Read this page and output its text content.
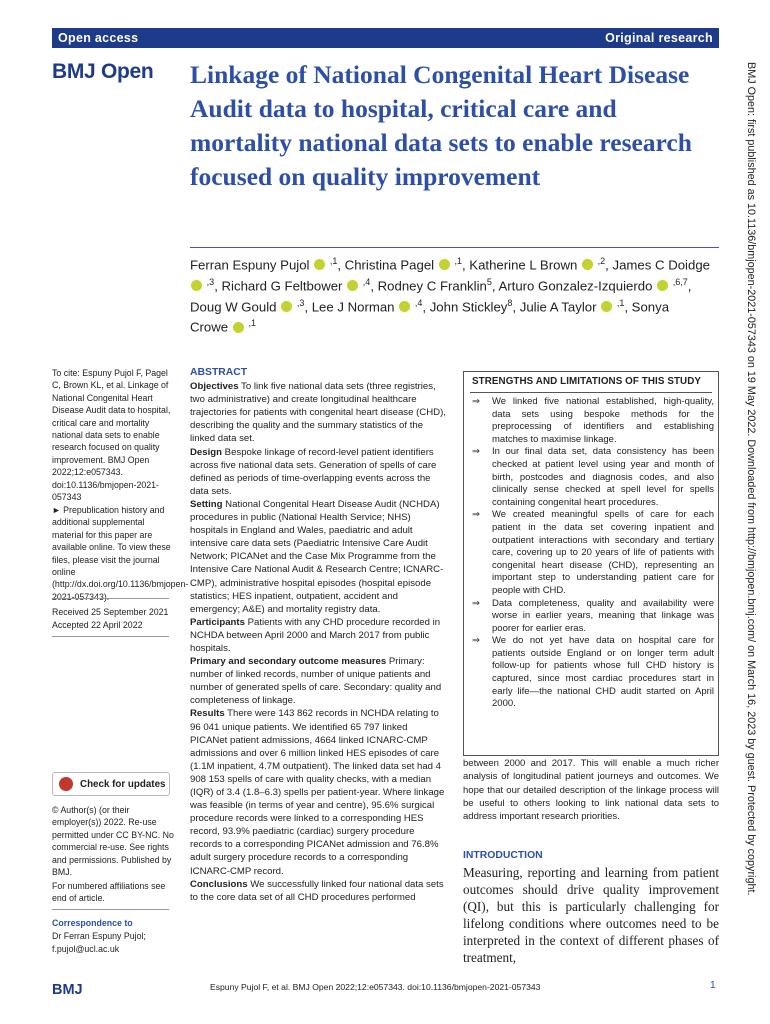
Open access	Original research
BMJ Open Linkage of National Congenital Heart Disease Audit data to hospital, critical care and mortality national data sets to enable research focused on quality improvement
Ferran Espuny Pujol $^{,1}$, Christina Pagel $^{,1}$, Katherine L Brown $^{,2}$, James C Doidge  $^{,3}$, Richard G Feltbower $^{,4}$, Rodney C Franklin$^5$, Arturo Gonzalez-Izquierdo $^{,6,7}$, Doug W Gould $^{,3}$, Lee J Norman $^{,4}$, John Stickley$^8$, Julie A Taylor $^{,1}$, Sonya Crowe $^{,1}$
To cite: Espuny Pujol F, Pagel C, Brown KL, et al. Linkage of National Congenital Heart Disease Audit data to hospital, critical care and mortality national data sets to enable research focused on quality improvement. BMJ Open 2022;12:e057343. doi:10.1136/bmjopen-2021-057343
► Prepublication history and additional supplemental material for this paper are available online. To view these files, please visit the journal online (http://dx.doi.org/10.1136/bmjopen-2021-057343).
Received 25 September 2021
Accepted 22 April 2022
Check for updates
© Author(s) (or their employer(s)) 2022. Re-use permitted under CC BY-NC. No commercial re-use. See rights and permissions. Published by BMJ.
For numbered affiliations see end of article.
Correspondence to
Dr Ferran Espuny Pujol;
f.pujol@ucl.ac.uk
ABSTRACT
Objectives To link five national data sets (three registries, two administrative) and create longitudinal healthcare trajectories for patients with congenital heart disease (CHD), describing the quality and the summary statistics of the linked data set.
Design Bespoke linkage of record-level patient identifiers across five national data sets. Generation of spells of care defined as periods of time-overlapping events across the data sets.
Setting National Congenital Heart Disease Audit (NCHDA) procedures in public (National Health Service; NHS) hospitals in England and Wales, paediatric and adult intensive care data sets (Paediatric Intensive Care Audit Network; PICANet and the Case Mix Programme from the Intensive Care National Audit & Research Centre; ICNARC-CMP), administrative hospital episodes (hospital episode statistics; HES inpatient, outpatient, accident and emergency; A&E) and mortality registry data.
Participants Patients with any CHD procedure recorded in NCHDA between April 2000 and March 2017 from public hospitals.
Primary and secondary outcome measures Primary: number of linked records, number of unique patients and number of generated spells of care. Secondary: quality and completeness of linkage.
Results There were 143 862 records in NCHDA relating to 96 041 unique patients. We identified 65 797 linked PICANet patient admissions, 4664 linked ICNARC-CMP admissions and over 6 million linked HES episodes of care (1.1M inpatient, 4.7M outpatient). The linked data set had 4 908 153 spells of care with quality checks, with a median (IQR) of 3.4 (1.8–6.3) spells per patient-year. Where linkage was feasible (in terms of year and centre), 95.6% surgical procedure records were linked to a corresponding HES record, 93.9% paediatric (cardiac) surgery procedure records to a corresponding PICANet admission and 76.8% adult surgery procedure records to a corresponding ICNARC-CMP record.
Conclusions We successfully linked four national data sets to the core data set of all CHD procedures performed
STRENGTHS AND LIMITATIONS OF THIS STUDY
⇒ We linked five national established, high-quality, data sets using bespoke methods for the preprocessing of identifiers and establishing matches to maximise linkage.
⇒ In our final data set, data consistency has been checked at patient level using year and month of birth, postcodes and diagnosis codes, and also clinically sense checked at spell level for spells containing congenital heart procedures.
⇒ We created meaningful spells of care for each patient in the data set covering inpatient and outpatient interactions with secondary and tertiary care, covering up to 20 years of life of patients with congenital heart disease (CHD), representing an important step to understanding patient care for people with CHD.
⇒ Data completeness, quality and availability were worse in earlier years, meaning that linkage was poorer for earlier eras.
⇒ We do not yet have data on hospital care for patients outside England or on longer term adult follow-up for patients whose full CHD history is captured, since most cardiac procedures start in early life—the national CHD audit started on April 2000.
between 2000 and 2017. This will enable a much richer analysis of longitudinal patient journeys and outcomes. We hope that our detailed description of the linkage process will be useful to others looking to link national data sets to address important research priorities.
INTRODUCTION
Measuring, reporting and learning from patient outcomes should drive quality improvement (QI), but this is particularly challenging for lifelong conditions where outcomes need to be interpreted in the context of different phases of treatment,
BMJ	Espuny Pujol F, et al. BMJ Open 2022;12:e057343. doi:10.1136/bmjopen-2021-057343	1
BMJ Open: first published as 10.1136/bmjopen-2021-057343 on 19 May 2022. Downloaded from http://bmjopen.bmj.com/ on March 16, 2023 by guest. Protected by copyright.
